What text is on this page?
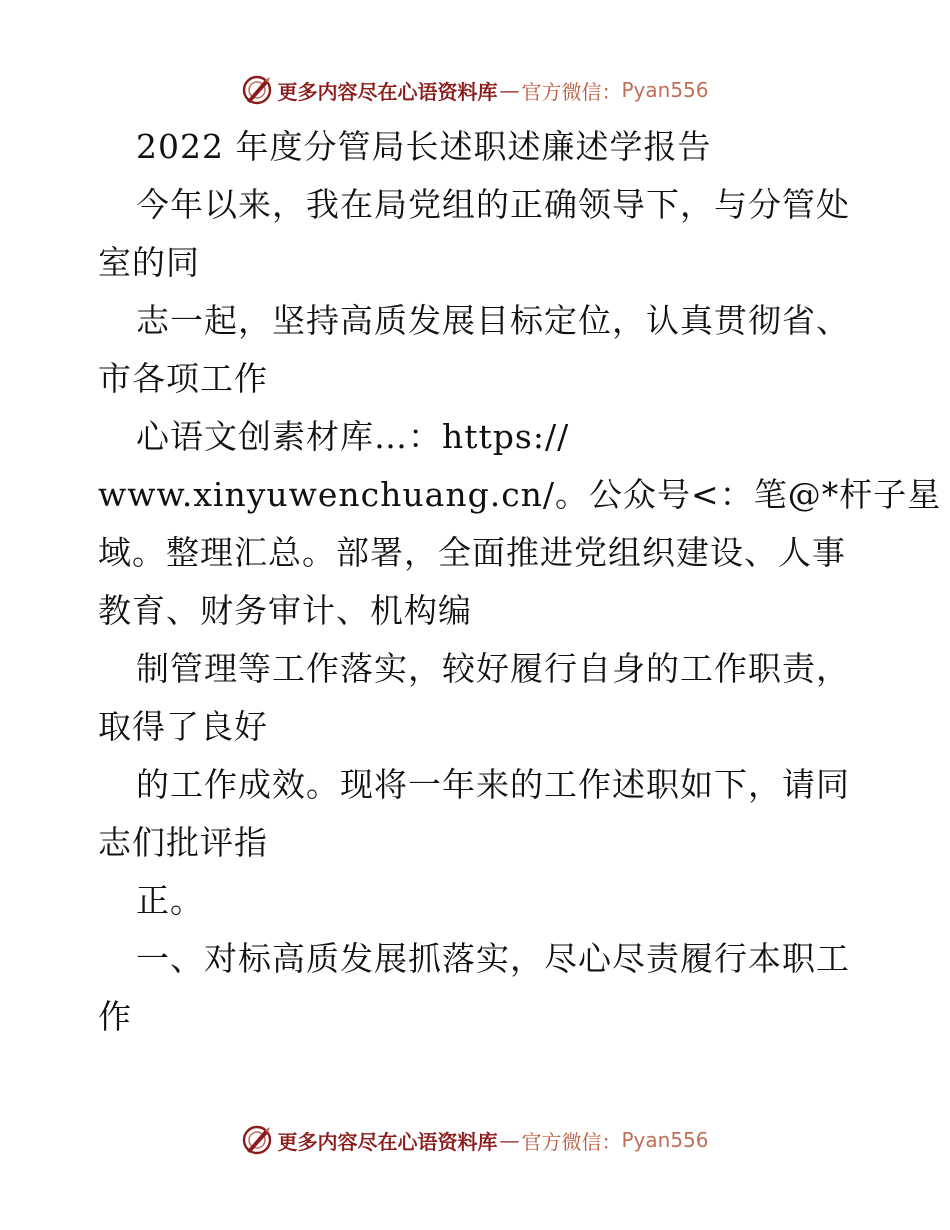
更多内容尽在心语资料库 — 官方微信： Pyan556
2022 年度分管局长述职述廉述学报告
今年以来，我在局党组的正确领导下，与分管处
室的同
志一起，坚持高质发展目标定位，认真贯彻省、
市各项工作
心语文创素材库…：https://
www.xinyuwenchuang.cn/。公众号<：笔@*杆子星
域。整理汇总。部署，全面推进党组织建设、人事
教育、财务审计、机构编
制管理等工作落实，较好履行自身的工作职责，
取得了良好
的工作成效。现将一年来的工作述职如下，请同
志们批评指
正。
一、对标高质发展抓落实，尽心尽责履行本职工
作
更多内容尽在心语资料库 — 官方微信： Pyan556
